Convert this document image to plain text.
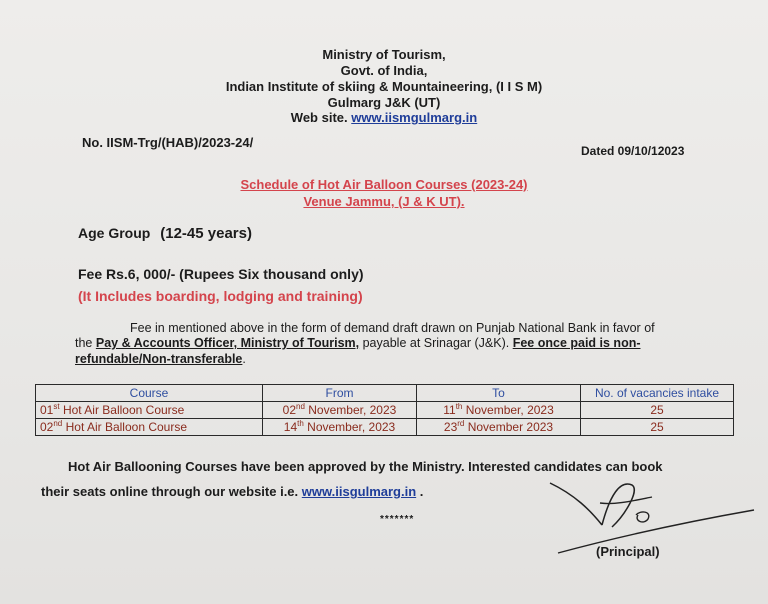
Ministry of Tourism,
Govt. of India,
Indian Institute of skiing & Mountaineering, (I I S M)
Gulmarg J&K (UT)
Web site. www.iismgulmarg.in
No. IISM-Trg/(HAB)/2023-24/
Dated 09/10/12023
Schedule of Hot Air Balloon Courses (2023-24)
Venue Jammu, (J & K UT).
Age Group (12-45 years)
Fee Rs.6, 000/- (Rupees Six thousand only)
(It Includes boarding, lodging and training)
Fee in mentioned above in the form of demand draft drawn on Punjab National Bank in favor of
the Pay & Accounts Officer, Ministry of Tourism, payable at Srinagar (J&K). Fee once paid is non-
refundable/Non-transferable.
Course	From	To	No. of vacancies intake
01st Hot Air Balloon Course	02nd November, 2023	11th November, 2023	25
02nd Hot Air Balloon Course	14th November, 2023	23rd November 2023	25
Hot Air Ballooning Courses have been approved by the Ministry. Interested candidates can book
their seats online through our website i.e. www.iisgulmarg.in .
*******
(Principal)
